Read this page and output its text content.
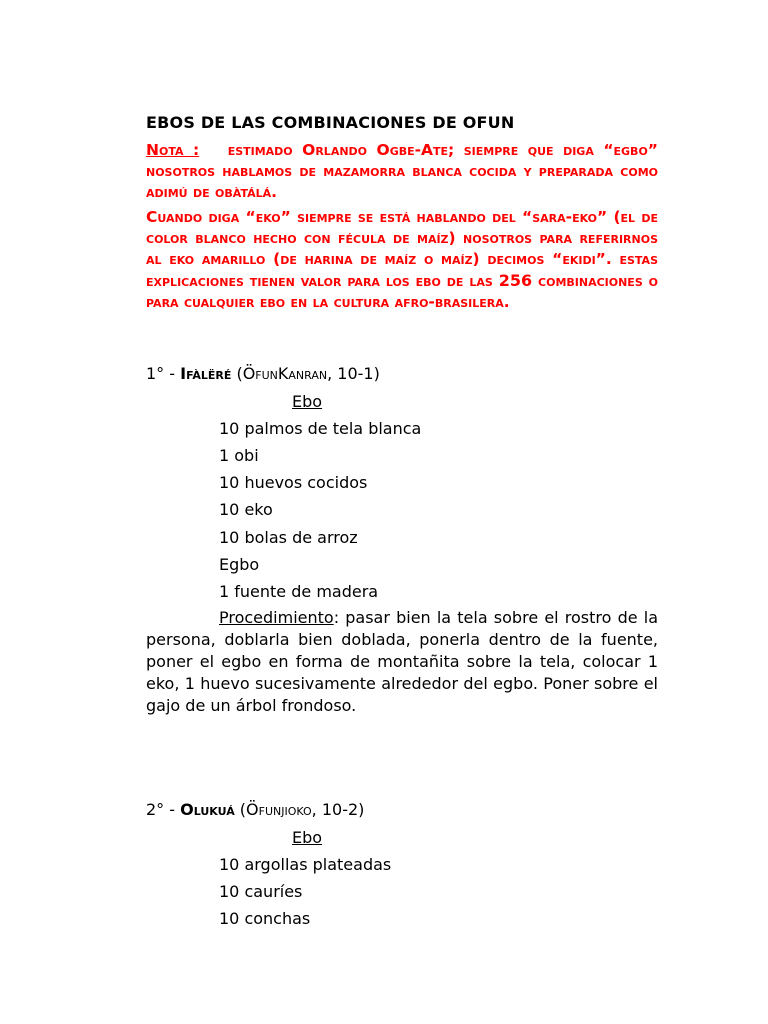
EBOS DE LAS COMBINACIONES DE OFUN
Nota : estimado Orlando Ogbe-Ate; siempre que diga “egbo” nosotros hablamos de mazamorra blanca cocida y preparada como adimú de obàtálá.
Cuando diga “eko” siempre se está hablando del “sara-eko” (el de color blanco hecho con fécula de maíz) nosotros para referirnos al eko amarillo (de harina de maíz o maíz) decimos “ekidi”. estas explicaciones tienen valor para los ebo de las 256 combinaciones o para cualquier ebo en la cultura afro-brasilera.
1° - Ifàlëré (ÖfunKanran, 10-1)
Ebo
10 palmos de tela blanca
1 obi
10 huevos cocidos
10 eko
10 bolas de arroz
Egbo
1 fuente de madera
Procedimiento: pasar bien la tela sobre el rostro de la persona, doblarla bien doblada, ponerla dentro de la fuente, poner el egbo en forma de montañita sobre la tela, colocar 1 eko, 1 huevo sucesivamente alrededor del egbo. Poner sobre el gajo de un árbol frondoso.
2° - Olukuá (Öfunjioko, 10-2)
Ebo
10 argollas plateadas
10 cauríes
10 conchas
